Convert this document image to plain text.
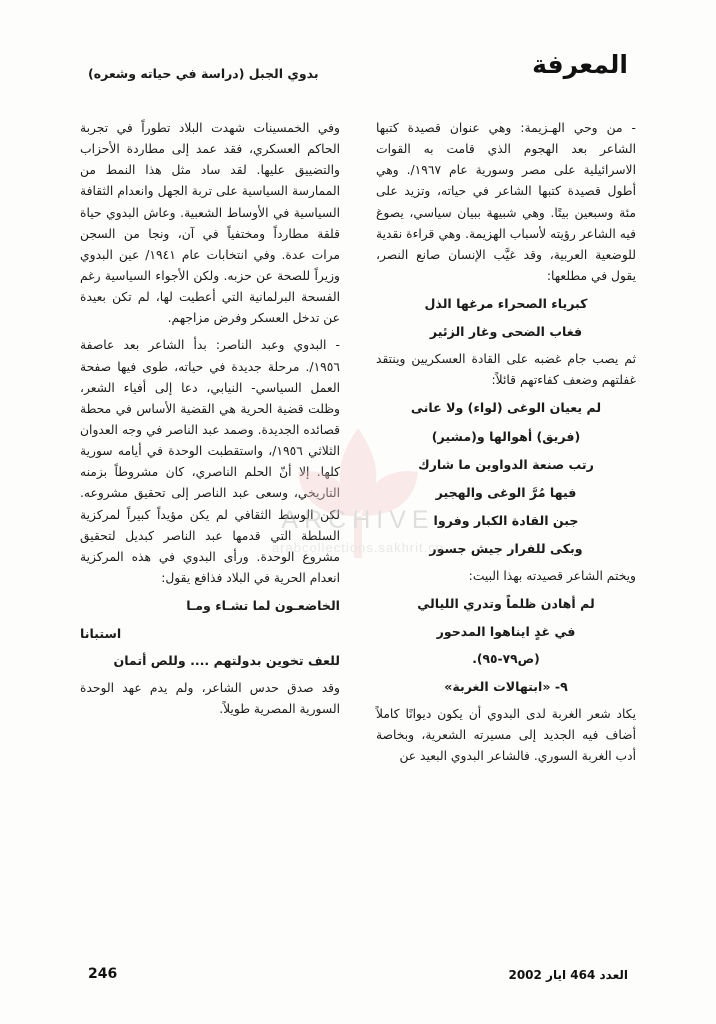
المعرفة
بدوي الجبل (دراسة في حياته وشعره)
ARCHIVE
arabcollections.sakhrit.co

وفي الخمسينات شهدت البلاد تطوراً في تجربة الحاكم العسكري، فقد عمد إلى مطاردة الأحزاب والتضييق عليها. لقد ساد مثل هذا النمط من الممارسة السياسية على تربة الجهل وانعدام الثقافة السياسية في الأوساط الشعبية. وعاش البدوي حياة قلقة مطارداً ومختفياً في آن، ونجا من السجن مرات عدة. وفي انتخابات عام ١٩٤١/ عين البدوي وزيراً للصحة عن حزبه. ولكن الأجواء السياسية رغم الفسحة البرلمانية التي أعطيت لها، لم تكن بعيدة عن تدخل العسكر وفرض مزاجهم.

- البدوي وعبد الناصر: بدأ الشاعر بعد عاصفة ١٩٥٦/. مرحلة جديدة في حياته، طوى فيها صفحة العمل السياسي- النيابي، دعا إلى أفياء الشعر، وظلت قضية الحرية هي القضية الأساس في محطة قصائده الجديدة. وصمد عبد الناصر في وجه العدوان الثلاثي ١٩٥٦/، واستقطبت الوحدة في أيامه سورية كلها. إلا أنّ الحلم الناصري، كان مشروطاً بزمنه التاريخي، وسعى عبد الناصر إلى تحقيق مشروعه. لكن الوسط الثقافي لم يكن مؤيداً كبيراً لمركزية السلطة التي قدمها عبد الناصر كبديل لتحقيق مشروع الوحدة. ورأى البدوي في هذه المركزية انعدام الحرية في البلاد فذافع يقول:

الخاضعـون لما تشـاء ومـا

استبانا

للعف تخوين بدولتهم .... وللص أتمان

وقد صدق حدس الشاعر، ولم يدم عهد الوحدة السورية المصرية طويلاً.

- من وحي الهـزيمة: وهي عنوان قصيدة كتبها الشاعر بعد الهجوم الذي قامت به القوات الاسرائيلية على مصر وسورية عام ١٩٦٧/. وهي أطول قصيدة كتبها الشاعر في حياته، وتزيد على مئة وسبعين بيتًا. وهي شبيهة ببيان سياسي، يصوغ فيه الشاعر رؤيته لأسباب الهزيمة. وهي قراءة نقدية للوضعية العربية، وقد غيَّب الإنسان صانع النصر، يقول في مطلعها:

كبرياء الصحراء مرغها الذل

فغاب الضحى وغار الزئير

ثم يصب جام غضبه على القادة العسكريين وينتقد غفلتهم وضعف كفاءتهم قائلاً:

لم يعيان الوغى (لواء) ولا عانى

(فريق) أهوالها و(مشير)

رتب صنعة الدواوين ما شارك

فيها مُرَّ الوغى والهجير

جبن القادة الكبار وفروا

وبكى للفرار جيش جسور

ويختم الشاعر قصيدته بهذا البيت:

لم أهادن ظلماً وتدري الليالي

في غدٍ ايناهوا المدحور

(ص٧٩-٩٥).

٩- «ابتهالات الغربة»

يكاد شعر الغربة لدى البدوي أن يكون ديوانًا كاملاً أضاف فيه الجديد إلى مسيرته الشعرية، وبخاصة أدب الغربة السوري. فالشاعر البدوي البعيد عن

العدد 464 ايار 2002
246
